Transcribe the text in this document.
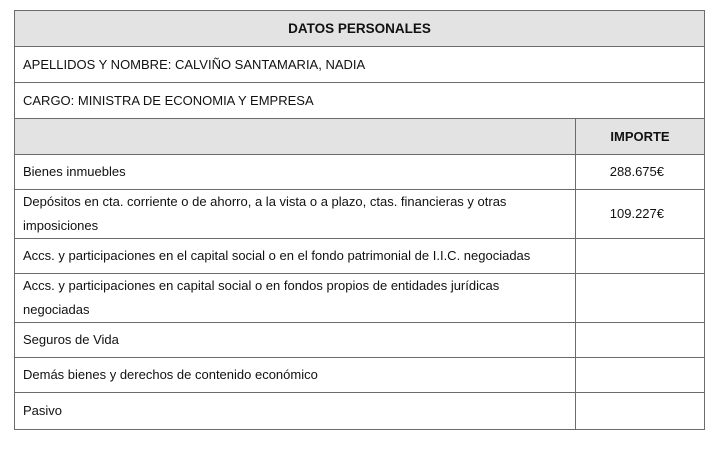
DATOS PERSONALES	
APELLIDOS Y NOMBRE: CALVIÑO SANTAMARIA, NADIA	
CARGO: MINISTRA DE ECONOMIA Y EMPRESA	
	IMPORTE
Bienes inmuebles	288.675€
Depósitos en cta. corriente o de ahorro, a la vista o a plazo, ctas. financieras y otras imposiciones	109.227€
Accs. y participaciones en el capital social o en el fondo patrimonial de I.I.C. negociadas	
Accs. y participaciones en capital social o en fondos propios de entidades jurídicas negociadas	
Seguros de Vida	
Demás bienes y derechos de contenido económico	
Pasivo	
